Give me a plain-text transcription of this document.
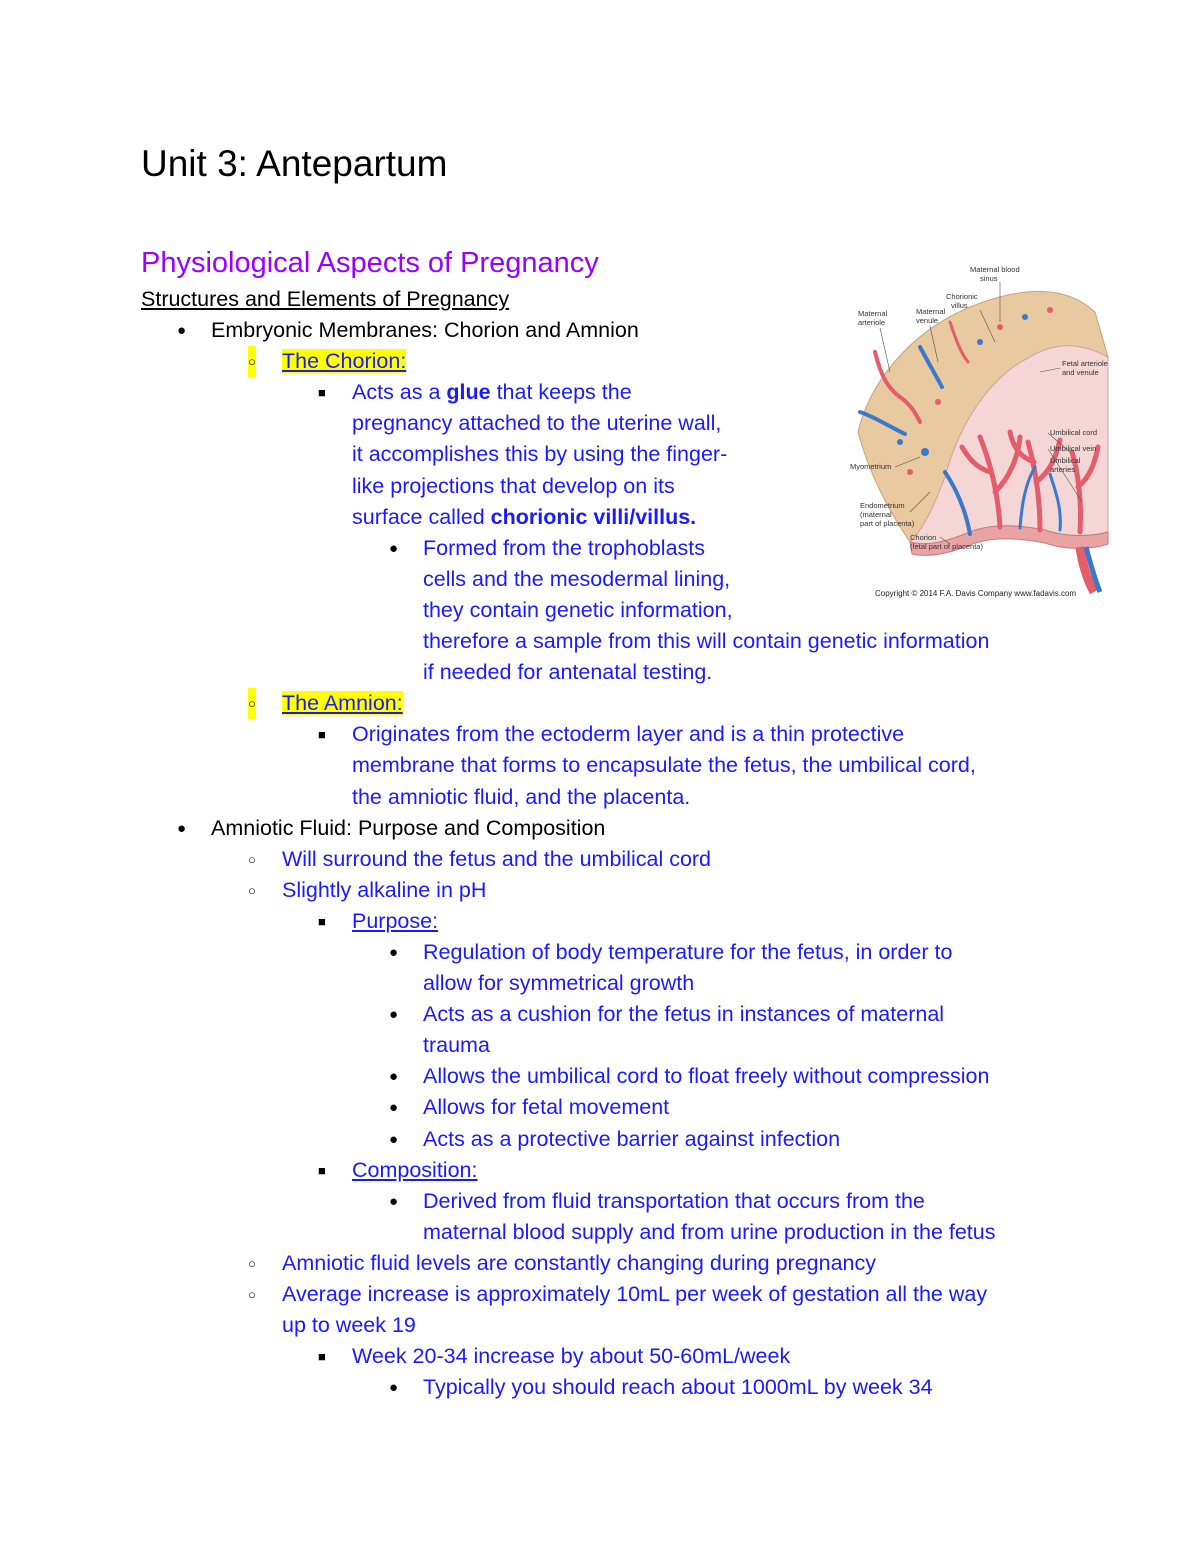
Unit 3: Antepartum
Physiological Aspects of Pregnancy
Structures and Elements of Pregnancy
● Embryonic Membranes: Chorion and Amnion
○ The Chorion:
■ Acts as a glue that keeps the
pregnancy attached to the uterine wall,
it accomplishes this by using the finger-
like projections that develop on its
surface called chorionic villi/villus.
● Formed from the trophoblasts
cells and the mesodermal lining,
they contain genetic information,
therefore a sample from this will contain genetic information
if needed for antenatal testing.
○ The Amnion:
■ Originates from the ectoderm layer and is a thin protective
membrane that forms to encapsulate the fetus, the umbilical cord,
the amniotic fluid, and the placenta.
● Amniotic Fluid: Purpose and Composition
○ Will surround the fetus and the umbilical cord
○ Slightly alkaline in pH
■ Purpose:
● Regulation of body temperature for the fetus, in order to
allow for symmetrical growth
● Acts as a cushion for the fetus in instances of maternal
trauma
● Allows the umbilical cord to float freely without compression
● Allows for fetal movement
● Acts as a protective barrier against infection
■ Composition:
● Derived from fluid transportation that occurs from the
maternal blood supply and from urine production in the fetus
○ Amniotic fluid levels are constantly changing during pregnancy
○ Average increase is approximately 10mL per week of gestation all the way
up to week 19
■ Week 20-34 increase by about 50-60mL/week
● Typically you should reach about 1000mL by week 34
Maternal blood
sinus
Chorionic
villus
Maternal
arteriole
Maternal
venule
Fetal arteriole
and venule
Umbilical cord
Umbilical vein
Umbilical
arteries
Myometrium
Endometrium
(maternal
part of placenta)
Chorion
(fetal part of placenta)
Copyright © 2014 F.A. Davis Company www.fadavis.com
